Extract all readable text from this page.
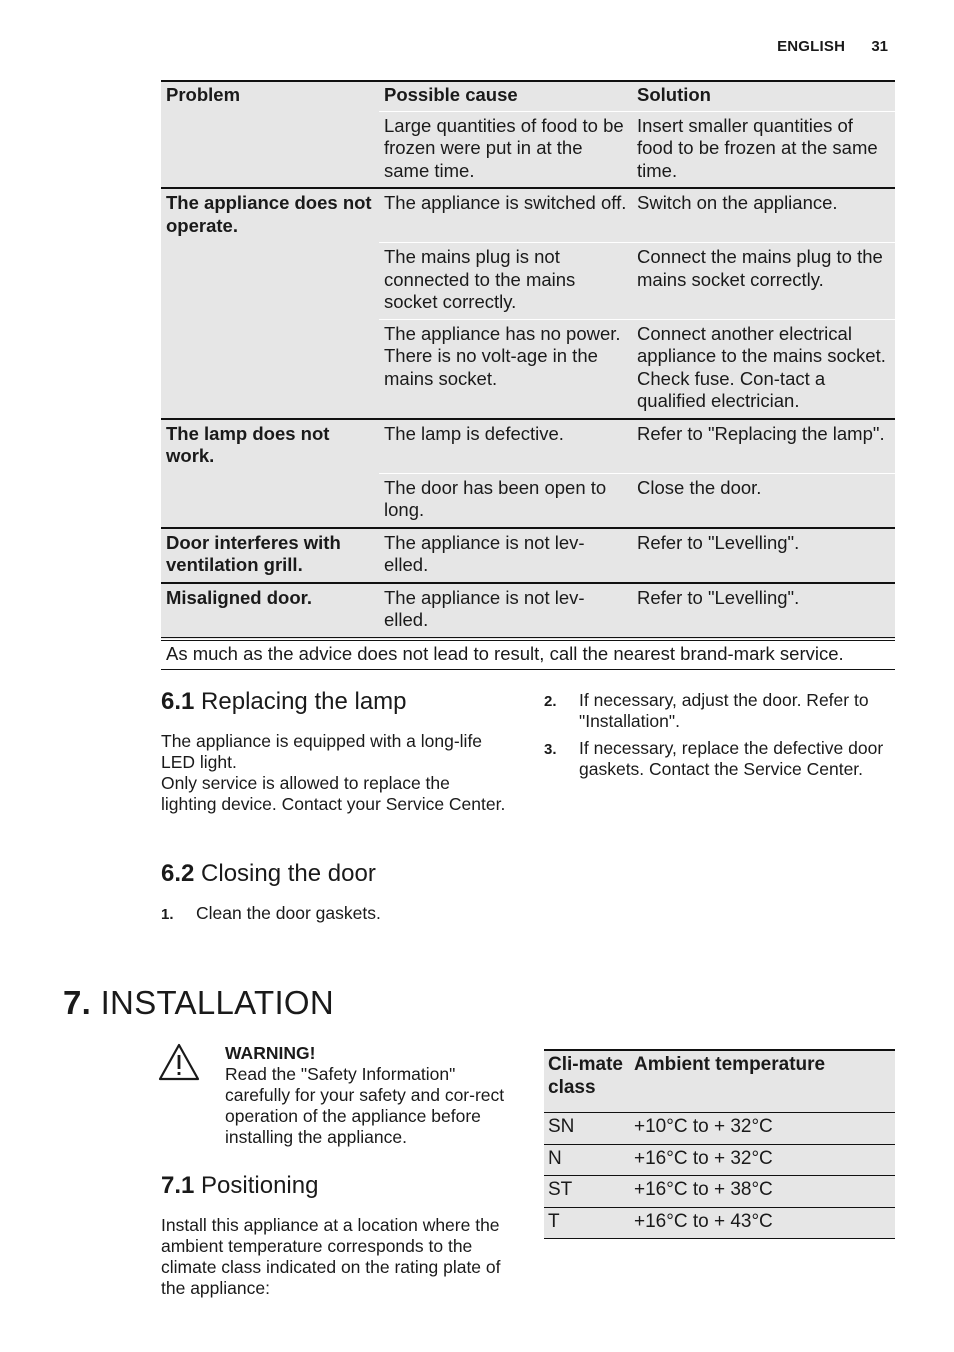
ENGLISH 31
Problem	Possible cause	Solution
	Large quantities of food to be frozen were put in at the same time.	Insert smaller quantities of food to be frozen at the same time.
The appliance does not operate.	The appliance is switched off.	Switch on the appliance.
	The mains plug is not connected to the mains socket correctly.	Connect the mains plug to the mains socket correctly.
	The appliance has no power. There is no volt-age in the mains socket.	Connect another electrical appliance to the mains socket. Check fuse. Con-tact a qualified electrician.
The lamp does not work.	The lamp is defective.	Refer to "Replacing the lamp".
	The door has been open to long.	Close the door.
Door interferes with ventilation grill.	The appliance is not lev-elled.	Refer to "Levelling".
Misaligned door.	The appliance is not lev-elled.	Refer to "Levelling".
As much as the advice does not lead to result, call the nearest brand-mark service.		
6.1 Replacing the lamp
The appliance is equipped with a long-life LED light.
Only service is allowed to replace the lighting device. Contact your Service Center.
6.2 Closing the door
1. Clean the door gaskets.
2. If necessary, adjust the door. Refer to "Installation".
3. If necessary, replace the defective door gaskets. Contact the Service Center.
7. INSTALLATION
WARNING!
Read the "Safety Information" carefully for your safety and cor-rect operation of the appliance before installing the appliance.
7.1 Positioning
Install this appliance at a location where the ambient temperature corresponds to the climate class indicated on the rating plate of the appliance:
Cli-mate class	Ambient temperature
SN	+10°C to + 32°C
N	+16°C to + 32°C
ST	+16°C to + 38°C
T	+16°C to + 43°C
